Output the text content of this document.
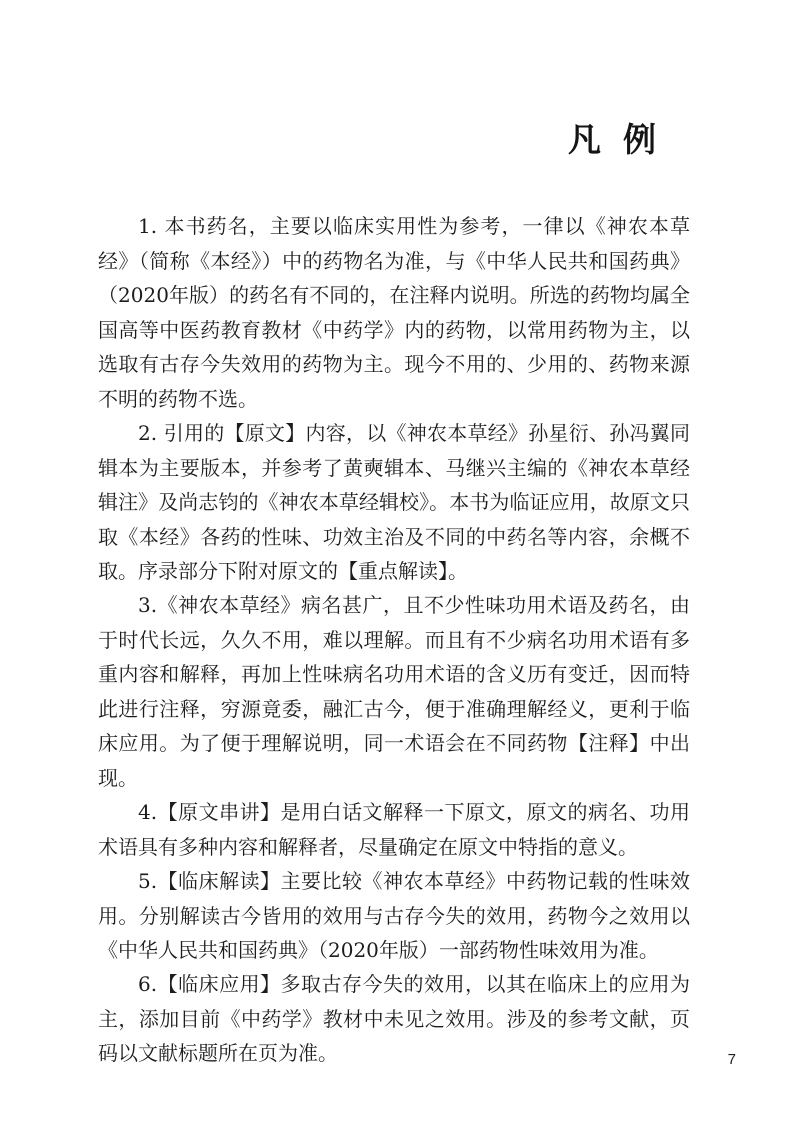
凡例

1. 本书药名，主要以临床实用性为参考，一律以《神农本草经》（简称《本经》）中的药物名为准，与《中华人民共和国药典》（2020年版）的药名有不同的，在注释内说明。所选的药物均属全国高等中医药教育教材《中药学》内的药物，以常用药物为主，以选取有古存今失效用的药物为主。现今不用的、少用的、药物来源不明的药物不选。

2. 引用的【原文】内容，以《神农本草经》孙星衍、孙冯翼同辑本为主要版本，并参考了黄奭辑本、马继兴主编的《神农本草经辑注》及尚志钧的《神农本草经辑校》。本书为临证应用，故原文只取《本经》各药的性味、功效主治及不同的中药名等内容，余概不取。序录部分下附对原文的【重点解读】。

3.《神农本草经》病名甚广，且不少性味功用术语及药名，由于时代长远，久久不用，难以理解。而且有不少病名功用术语有多重内容和解释，再加上性味病名功用术语的含义历有变迁，因而特此进行注释，穷源竟委，融汇古今，便于准确理解经义，更利于临床应用。为了便于理解说明，同一术语会在不同药物【注释】中出现。

4.【原文串讲】是用白话文解释一下原文，原文的病名、功用术语具有多种内容和解释者，尽量确定在原文中特指的意义。

5.【临床解读】主要比较《神农本草经》中药物记载的性味效用。分别解读古今皆用的效用与古存今失的效用，药物今之效用以《中华人民共和国药典》（2020年版）一部药物性味效用为准。

6.【临床应用】多取古存今失的效用，以其在临床上的应用为主，添加目前《中药学》教材中未见之效用。涉及的参考文献，页码以文献标题所在页为准。	7
